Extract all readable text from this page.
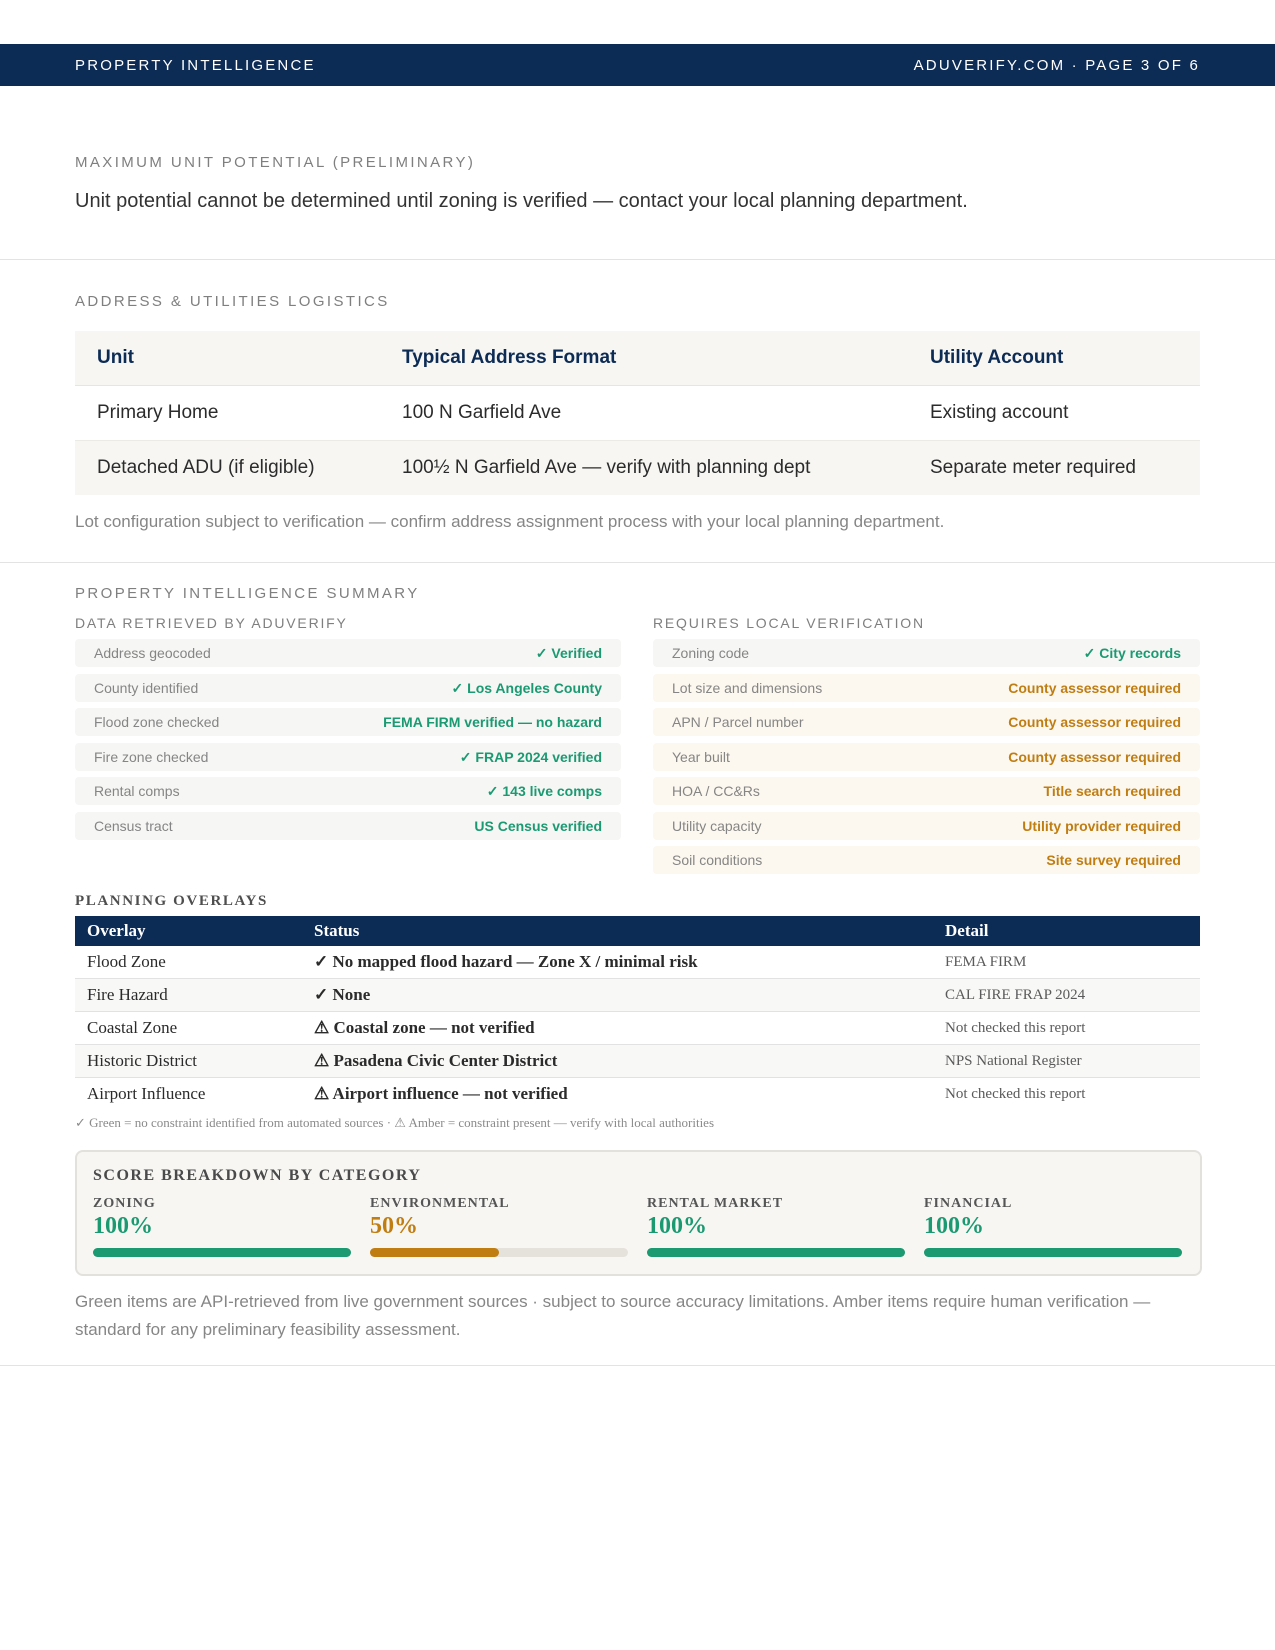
PROPERTY INTELLIGENCE	ADUVERIFY.COM · PAGE 3 OF 6
MAXIMUM UNIT POTENTIAL (PRELIMINARY)
Unit potential cannot be determined until zoning is verified — contact your local planning department.
ADDRESS & UTILITIES LOGISTICS
Unit	Typical Address Format	Utility Account
Primary Home	100 N Garfield Ave	Existing account
Detached ADU (if eligible)	100½ N Garfield Ave — verify with planning dept	Separate meter required
Lot configuration subject to verification — confirm address assignment process with your local planning department.
PROPERTY INTELLIGENCE SUMMARY
DATA RETRIEVED BY ADUVERIFY	REQUIRES LOCAL VERIFICATION
Address geocoded	✓ Verified
County identified	✓ Los Angeles County
Flood zone checked	FEMA FIRM verified — no hazard
Fire zone checked	✓ FRAP 2024 verified
Rental comps	✓ 143 live comps
Census tract	US Census verified
Zoning code	✓ City records
Lot size and dimensions	County assessor required
APN / Parcel number	County assessor required
Year built	County assessor required
HOA / CC&Rs	Title search required
Utility capacity	Utility provider required
Soil conditions	Site survey required
PLANNING OVERLAYS
Overlay	Status	Detail
Flood Zone	✓ No mapped flood hazard — Zone X / minimal risk	FEMA FIRM
Fire Hazard	✓ None	CAL FIRE FRAP 2024
Coastal Zone	⚠ Coastal zone — not verified	Not checked this report
Historic District	⚠ Pasadena Civic Center District	NPS National Register
Airport Influence	⚠ Airport influence — not verified	Not checked this report
✓ Green = no constraint identified from automated sources · ⚠ Amber = constraint present — verify with local authorities
SCORE BREAKDOWN BY CATEGORY
ZONING
100%
ENVIRONMENTAL
50%
RENTAL MARKET
100%
FINANCIAL
100%
Green items are API-retrieved from live government sources · subject to source accuracy limitations. Amber items require human verification — standard for any preliminary feasibility assessment.
